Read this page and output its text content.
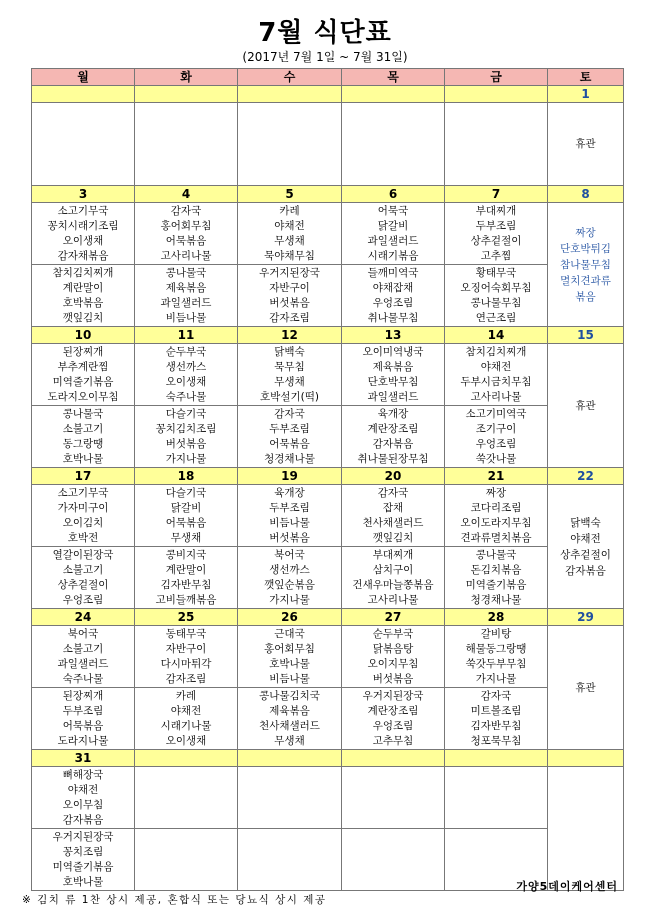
7월 식단표
(2017년 7월 1일 ~ 7월 31일)
월	화	수	목	금	토
					1
					휴관
3	4	5	6	7	8

소고기무국
꽁치시래기조림
오이생채
감자채볶음	감자국
홍어회무침
어묵볶음
고사리나물	카레
야채전
무생채
묵야채무침	어묵국
닭갈비
과일샐러드
시래기볶음	부대찌개
두부조림
상추겉절이
고추찜	짜장
단호박튀김
참나물무침
멸치견과류
볶음

참치김치찌개
계란말이
호박볶음
깻잎김치	콩나물국
제육볶음
과일샐러드
비듬나물	우거지된장국
자반구이
버섯볶음
감자조림	들깨미역국
야채잡채
우엉조림
취나물무침	황태무국
오징어숙회무침
콩나물무침
연근조림	

10	11	12	13	14	15

된장찌개
부추계란찜
미역줄기볶음
도라지오이무침	순두부국
생선까스
오이생채
숙주나물	닭백숙
묵무침
무생채
호박설기(떡)	오이미역냉국
제육볶음
단호박무침
과일샐러드	참치김치찌개
야채전
두부시금치무침
고사리나물	휴관

콩나물국
소불고기
동그랑땡
호박나물	다슬기국
꽁치김치조림
버섯볶음
가지나물	감자국
두부조림
어묵볶음
청경채나물	육개장
계란장조림
감자볶음
취나물된장무침	소고기미역국
조기구이
우엉조림
쑥갓나물	

17	18	19	20	21	22

소고기무국
가자미구이
오이김치
호박전	다슬기국
닭갈비
어묵볶음
무생채	육개장
두부조림
비듬나물
버섯볶음	감자국
잡채
천사채샐러드
깻잎김치	짜장
코다리조림
오이도라지무침
견과류멸치볶음	닭백숙
야채전
상추겉절이
감자볶음

열갈이된장국
소불고기
상추겉절이
우엉조림	콩비지국
계란말이
김자반무침
고비들깨볶음	북어국
생선까스
깻잎순볶음
가지나물	부대찌개
삼치구이
건새우마늘쫑볶음
고사리나물	콩나물국
돈김치볶음
미역줄기볶음
청경채나물	

24	25	26	27	28	29

북어국
소불고기
과일샐러드
숙주나물	동태무국
자반구이
다시마튀각
감자조림	근대국
홍어회무침
호박나물
비듬나물	순두부국
닭볶음탕
오이지무침
버섯볶음	갈비탕
해물동그랑땡
쑥갓두부무침
가지나물	휴관

된장찌개
두부조림
어묵볶음
도라지나물	카레
야채전
시래기나물
오이생채	콩나물김치국
제육볶음
천사채샐러드
무생채	우거지된장국
계란장조림
우엉조림
고추무침	감자국
미트볼조림
김자반무침
청포묵무침	

31					

뼈해장국
야채전
오이무침
감자볶음					

우거지된장국
꽁치조림
미역줄기볶음
호박나물					
					가양5데이케어센터
※ 김치 류 1찬 상시 제공, 혼합식 또는 당뇨식 상시 제공
